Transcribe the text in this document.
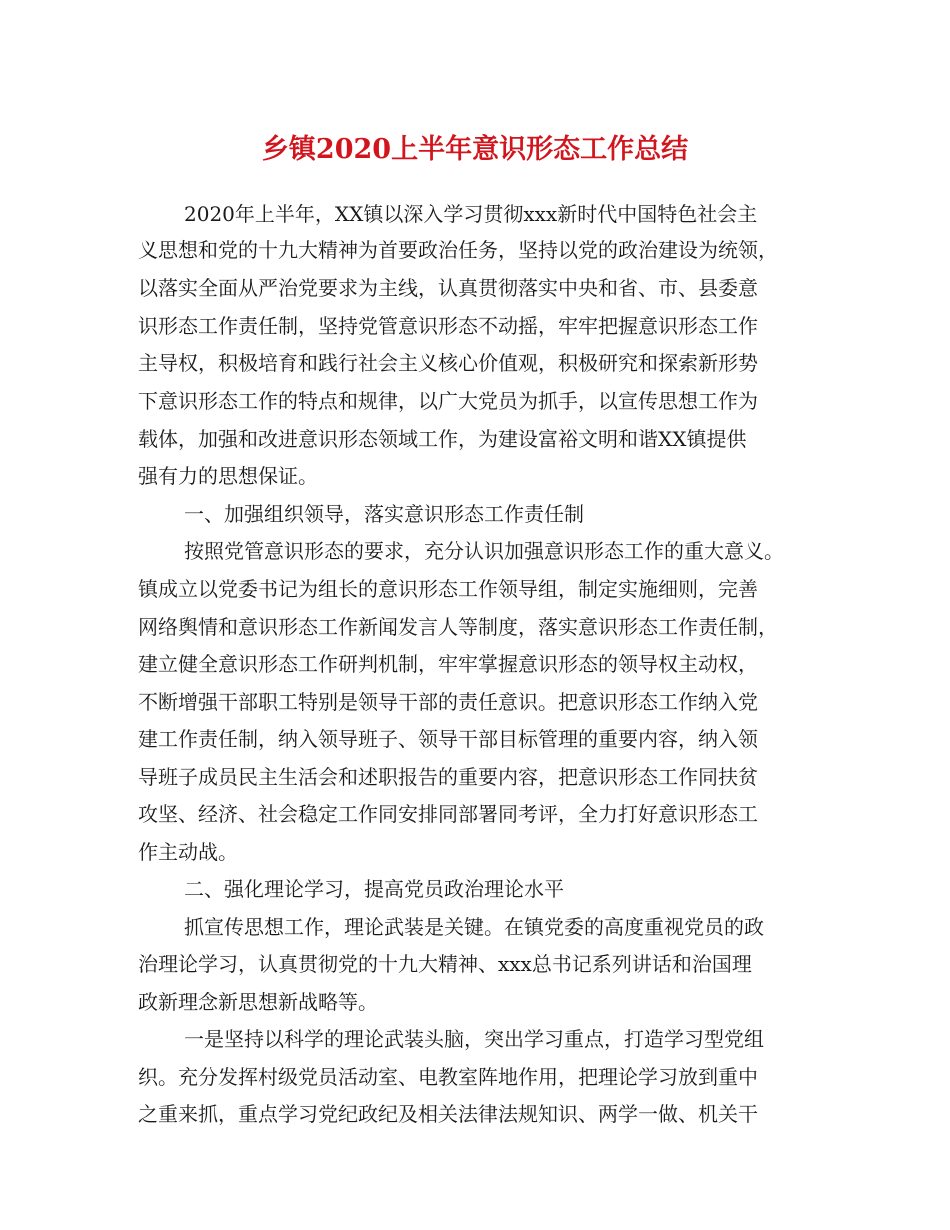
乡镇2020上半年意识形态工作总结

2020年上半年，XX镇以深入学习贯彻xxx新时代中国特色社会主

义思想和党的十九大精神为首要政治任务，坚持以党的政治建设为统领，

以落实全面从严治党要求为主线，认真贯彻落实中央和省、市、县委意

识形态工作责任制，坚持党管意识形态不动摇，牢牢把握意识形态工作

主导权，积极培育和践行社会主义核心价值观，积极研究和探索新形势

下意识形态工作的特点和规律，以广大党员为抓手，以宣传思想工作为

载体，加强和改进意识形态领域工作，为建设富裕文明和谐XX镇提供

强有力的思想保证。

一、加强组织领导，落实意识形态工作责任制

按照党管意识形态的要求，充分认识加强意识形态工作的重大意义。

镇成立以党委书记为组长的意识形态工作领导组，制定实施细则，完善

网络舆情和意识形态工作新闻发言人等制度，落实意识形态工作责任制，

建立健全意识形态工作研判机制，牢牢掌握意识形态的领导权主动权，

不断增强干部职工特别是领导干部的责任意识。把意识形态工作纳入党

建工作责任制，纳入领导班子、领导干部目标管理的重要内容，纳入领

导班子成员民主生活会和述职报告的重要内容，把意识形态工作同扶贫

攻坚、经济、社会稳定工作同安排同部署同考评，全力打好意识形态工

作主动战。

二、强化理论学习，提高党员政治理论水平

抓宣传思想工作，理论武装是关键。在镇党委的高度重视党员的政

治理论学习，认真贯彻党的十九大精神、xxx总书记系列讲话和治国理

政新理念新思想新战略等。

一是坚持以科学的理论武装头脑，突出学习重点，打造学习型党组

织。充分发挥村级党员活动室、电教室阵地作用，把理论学习放到重中

之重来抓，重点学习党纪政纪及相关法律法规知识、两学一做、机关干
